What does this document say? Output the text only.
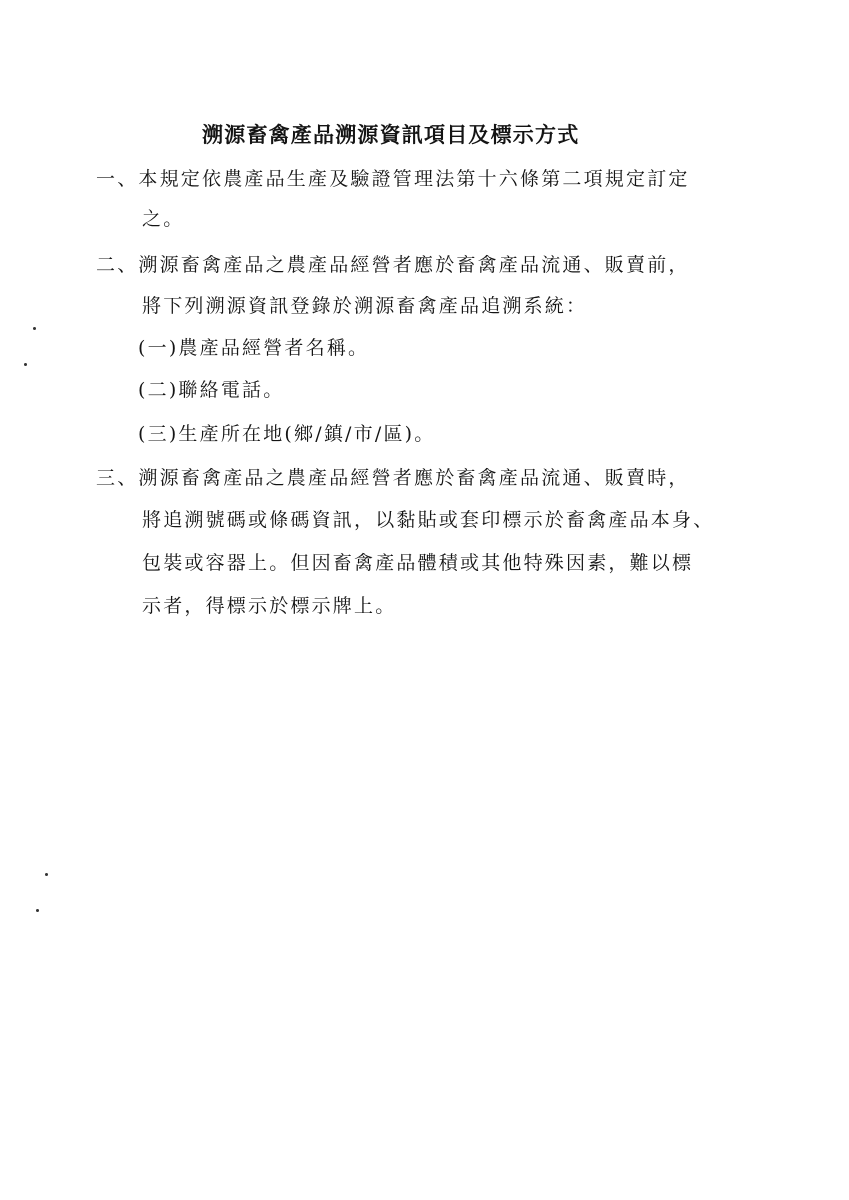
溯源畜禽產品溯源資訊項目及標示方式
一、本規定依農產品生產及驗證管理法第十六條第二項規定訂定
之。
二、溯源畜禽產品之農產品經營者應於畜禽產品流通、販賣前，
將下列溯源資訊登錄於溯源畜禽產品追溯系統：
(一)農產品經營者名稱。
(二)聯絡電話。
(三)生產所在地(鄉/鎮/市/區)。
三、溯源畜禽產品之農產品經營者應於畜禽產品流通、販賣時，
將追溯號碼或條碼資訊，以黏貼或套印標示於畜禽產品本身、
包裝或容器上。但因畜禽產品體積或其他特殊因素，難以標
示者，得標示於標示牌上。
